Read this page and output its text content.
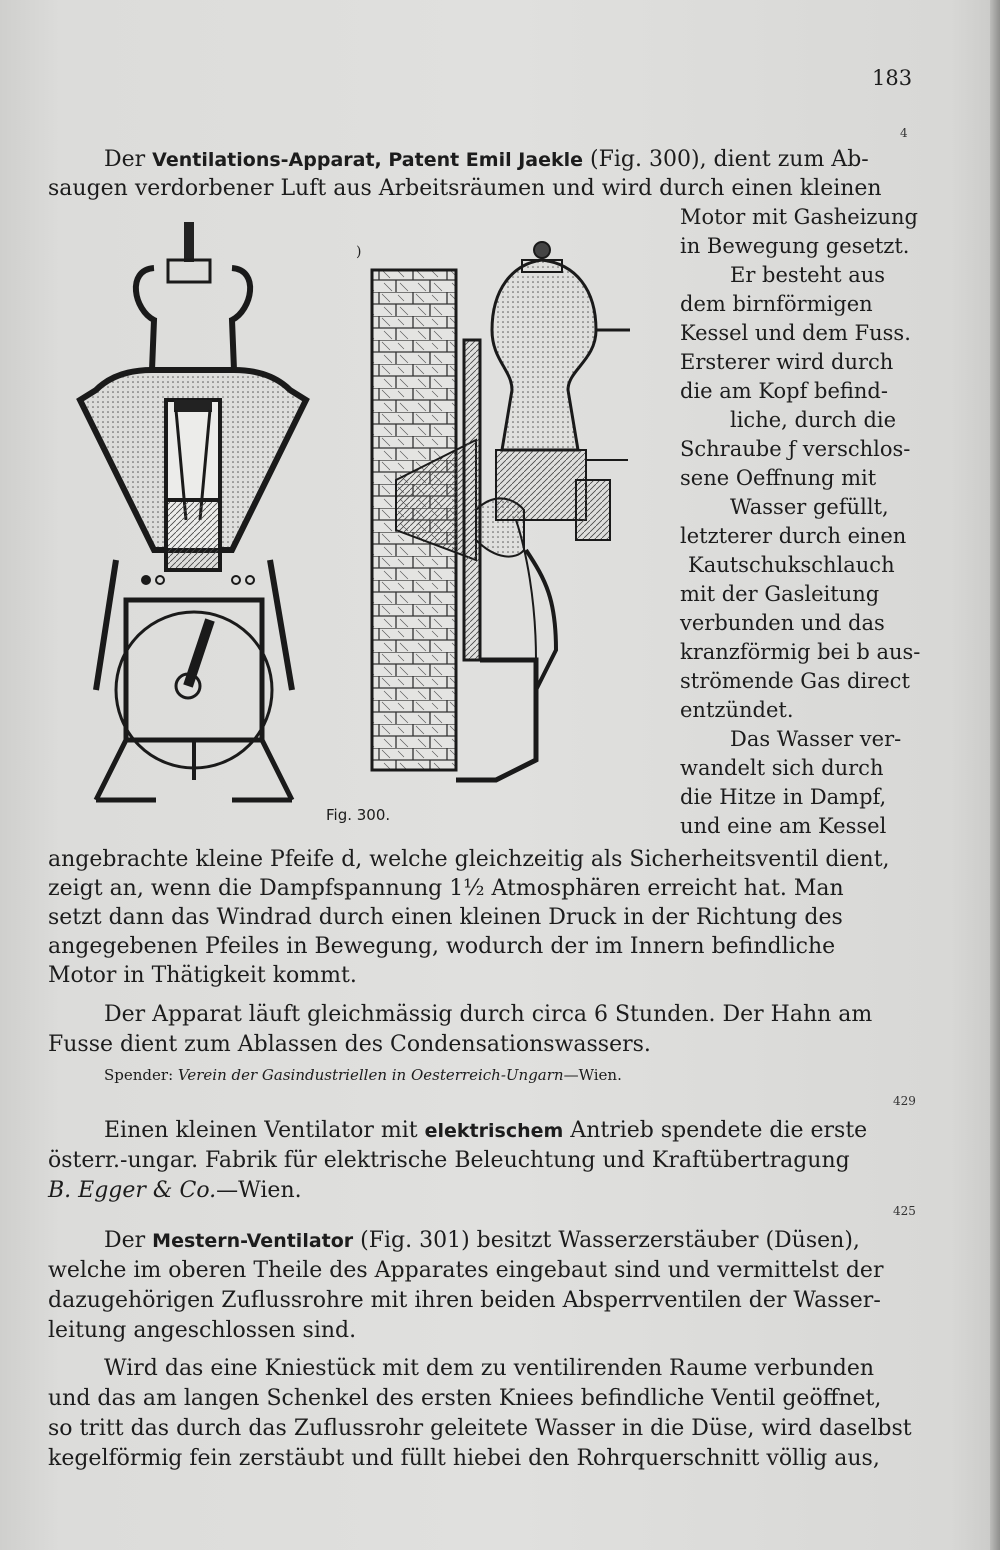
183
4
429
425
Der Ventilations-Apparat, Patent Emil Jaekle (Fig. 300), dient zum Ab-
saugen verdorbener Luft aus Arbeitsräumen und wird durch einen kleinen
Motor mit Gasheizung
in Bewegung gesetzt.
Er besteht aus
dem birnförmigen
Kessel und dem Fuss.
Ersterer wird durch
die am Kopf befind-
liche, durch die
Schraube ƒ verschlos-
sene Oeffnung mit
Wasser gefüllt,
letzterer durch einen
Kautschukschlauch
mit der Gasleitung
verbunden und das
kranzförmig bei b aus-
strömende Gas direct
entzündet.
Das Wasser ver-
wandelt sich durch
die Hitze in Dampf,
und eine am Kessel
angebrachte kleine Pfeife d, welche gleichzeitig als Sicherheitsventil dient,
zeigt an, wenn die Dampfspannung 1½ Atmosphären erreicht hat. Man
setzt dann das Windrad durch einen kleinen Druck in der Richtung des
angegebenen Pfeiles in Bewegung, wodurch der im Innern befindliche
Motor in Thätigkeit kommt.
Der Apparat läuft gleichmässig durch circa 6 Stunden. Der Hahn am
Fusse dient zum Ablassen des Condensationswassers.
Spender: Verein der Gasindustriellen in Oesterreich-Ungarn—Wien.
Einen kleinen Ventilator mit elektrischem Antrieb spendete die erste
österr.-ungar. Fabrik für elektrische Beleuchtung und Kraftübertragung
B. Egger & Co.—Wien.
Der Mestern-Ventilator (Fig. 301) besitzt Wasserzerstäuber (Düsen),
welche im oberen Theile des Apparates eingebaut sind und vermittelst der
dazugehörigen Zuflussrohre mit ihren beiden Absperrventilen der Wasser-
leitung angeschlossen sind.
Wird das eine Kniestück mit dem zu ventilirenden Raume verbunden
und das am langen Schenkel des ersten Kniees befindliche Ventil geöffnet,
so tritt das durch das Zuflussrohr geleitete Wasser in die Düse, wird daselbst
kegelförmig fein zerstäubt und füllt hiebei den Rohrquerschnitt völlig aus,
)
Fig. 300.
